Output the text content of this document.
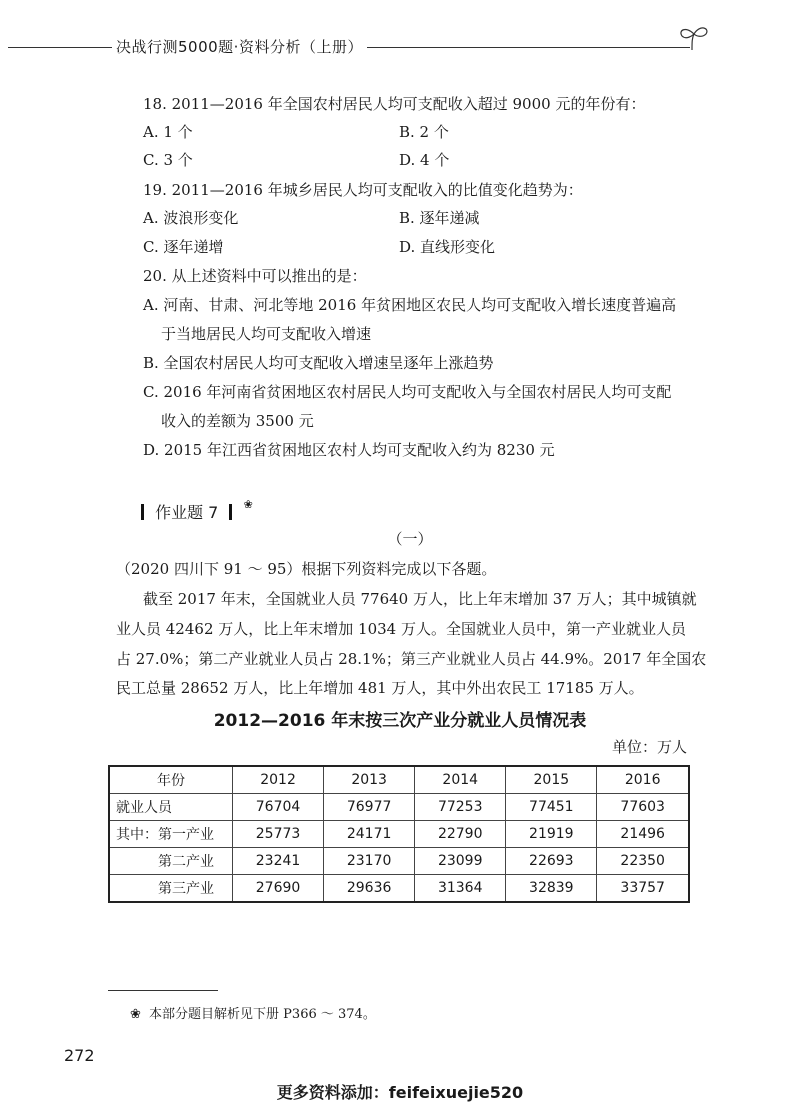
决战行测5000题·资料分析（上册）
18. 2011—2016 年全国农村居民人均可支配收入超过 9000 元的年份有：
A. 1 个	B. 2 个
C. 3 个	D. 4 个
19. 2011—2016 年城乡居民人均可支配收入的比值变化趋势为：
A. 波浪形变化	B. 逐年递减
C. 逐年递增	D. 直线形变化
20. 从上述资料中可以推出的是：
A. 河南、甘肃、河北等地 2016 年贫困地区农民人均可支配收入增长速度普遍高
于当地居民人均可支配收入增速
B. 全国农村居民人均可支配收入增速呈逐年上涨趋势
C. 2016 年河南省贫困地区农村居民人均可支配收入与全国农村居民人均可支配
收入的差额为 3500 元
D. 2015 年江西省贫困地区农村人均可支配收入约为 8230 元
作业题 7 ❀
（一）
（2020 四川下 91 ～ 95）根据下列资料完成以下各题。
截至 2017 年末，全国就业人员 77640 万人，比上年末增加 37 万人；其中城镇就
业人员 42462 万人，比上年末增加 1034 万人。全国就业人员中，第一产业就业人员
占 27.0%；第二产业就业人员占 28.1%；第三产业就业人员占 44.9%。2017 年全国农
民工总量 28652 万人，比上年增加 481 万人，其中外出农民工 17185 万人。
2012—2016 年末按三次产业分就业人员情况表
单位：万人
年份	2012	2013	2014	2015	2016
就业人员	76704	76977	77253	77451	77603
其中：第一产业	25773	24171	22790	21919	21496
第二产业	23241	23170	23099	22693	22350
第三产业	27690	29636	31364	32839	33757
❀ 本部分题目解析见下册 P366 ～ 374。
272
更多资料添加：feifeixuejie520
